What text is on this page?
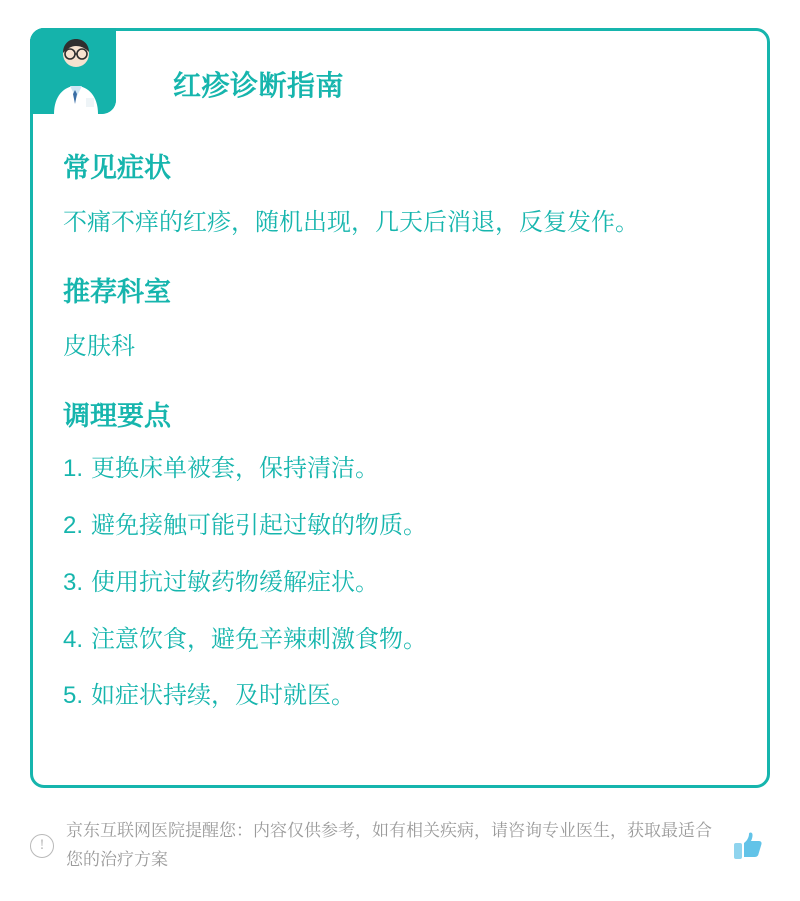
红疹诊断指南
常见症状

不痛不痒的红疹，随机出现，几天后消退，反复发作。

推荐科室

皮肤科

调理要点
1. 更换床单被套，保持清洁。
2. 避免接触可能引起过敏的物质。
3. 使用抗过敏药物缓解症状。
4. 注意饮食，避免辛辣刺激食物。
5. 如症状持续，及时就医。
!
京东互联网医院提醒您：内容仅供参考，如有相关疾病，请咨询专业医生，获取最适合您的治疗方案
